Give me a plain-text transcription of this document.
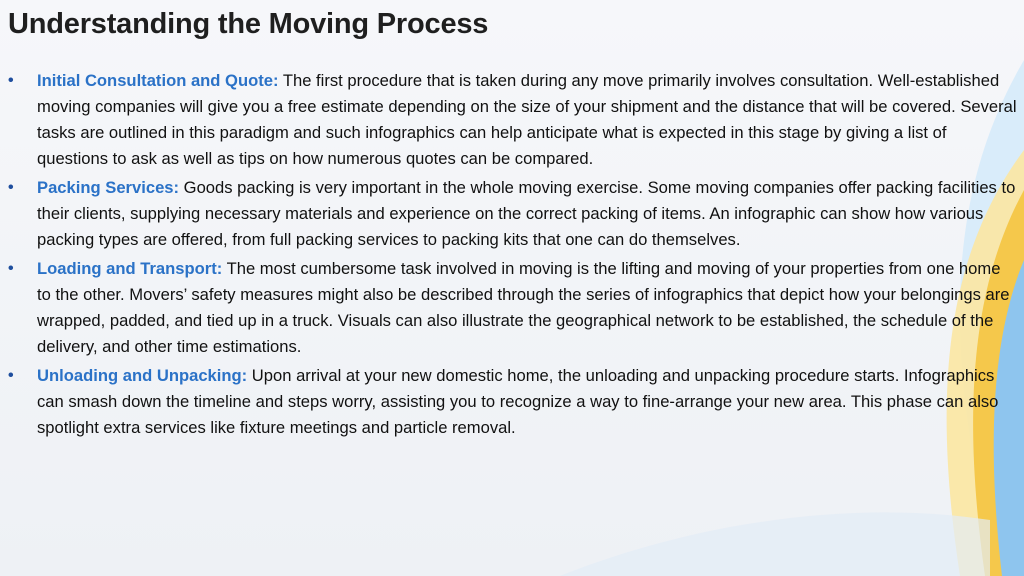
Understanding the Moving Process
•	Initial Consultation and Quote: The first procedure that is taken during any move primarily involves consultation. Well-established moving companies will give you a free estimate depending on the size of your shipment and the distance that will be covered. Several tasks are outlined in this paradigm and such infographics can help anticipate what is expected in this stage by giving a list of questions to ask as well as tips on how numerous quotes can be compared.
•	Packing Services: Goods packing is very important in the whole moving exercise. Some moving companies offer packing facilities to their clients, supplying necessary materials and experience on the correct packing of items. An infographic can show how various packing types are offered, from full packing services to packing kits that one can do themselves.
•	Loading and Transport: The most cumbersome task involved in moving is the lifting and moving of your properties from one home to the other. Movers’ safety measures might also be described through the series of infographics that depict how your belongings are wrapped, padded, and tied up in a truck. Visuals can also illustrate the geographical network to be established, the schedule of the delivery, and other time estimations.
•	Unloading and Unpacking: Upon arrival at your new domestic home, the unloading and unpacking procedure starts. Infographics can smash down the timeline and steps worry, assisting you to recognize a way to fine-arrange your new area. This phase can also spotlight extra services like fixture meetings and particle removal.
